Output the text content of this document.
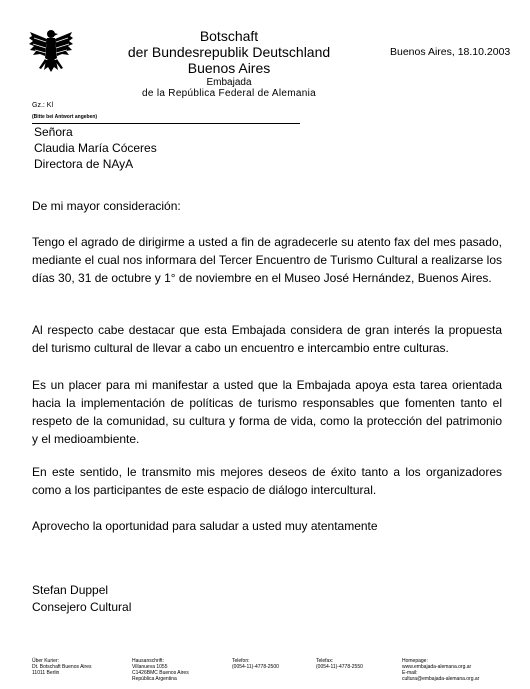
Botschaft
der Bundesrepublik Deutschland
Buenos Aires
Embajada
de la República Federal de Alemania
Buenos Aires, 18.10.2003
Gz.: Kl
(Bitte bei Antwort angeben)
Señora
Claudia María Cóceres
Directora de NAyA
De mi mayor consideración:
Tengo el agrado de dirigirme a usted a fin de agradecerle su atento fax del mes pasado, mediante el cual nos informara del Tercer Encuentro de Turismo Cultural a realizarse los días 30, 31 de octubre y 1° de noviembre en el Museo José Hernández, Buenos Aires.
Al respecto cabe destacar que esta Embajada considera de gran interés la propuesta del turismo cultural de llevar a cabo un encuentro e intercambio entre culturas.
Es un placer para mi manifestar a usted que la Embajada apoya esta tarea orientada hacia la implementación de políticas de turismo responsables que fomenten tanto el respeto de la comunidad, su cultura y forma de vida, como la protección del patrimonio y el medioambiente.
En este sentido, le transmito mis mejores deseos de éxito tanto a los organizadores como a los participantes de este espacio de diálogo intercultural.
Aprovecho la oportunidad para saludar a usted muy atentamente
Stefan Duppel
Consejero Cultural
Über Kurier:
Dt. Botschaft Buenos Aires
11011 Berlin
Hausanschrift:
Villanueva 1055
C1426BMC Buenos Aires
República Argentina
Telefon:
(0054-11)-4778-2500
Telefax:
(0054-11)-4778-2550
Homepage:
www.embajada-alemana.org.ar
E-mail:
cultura@embajada-alemana.org.ar
